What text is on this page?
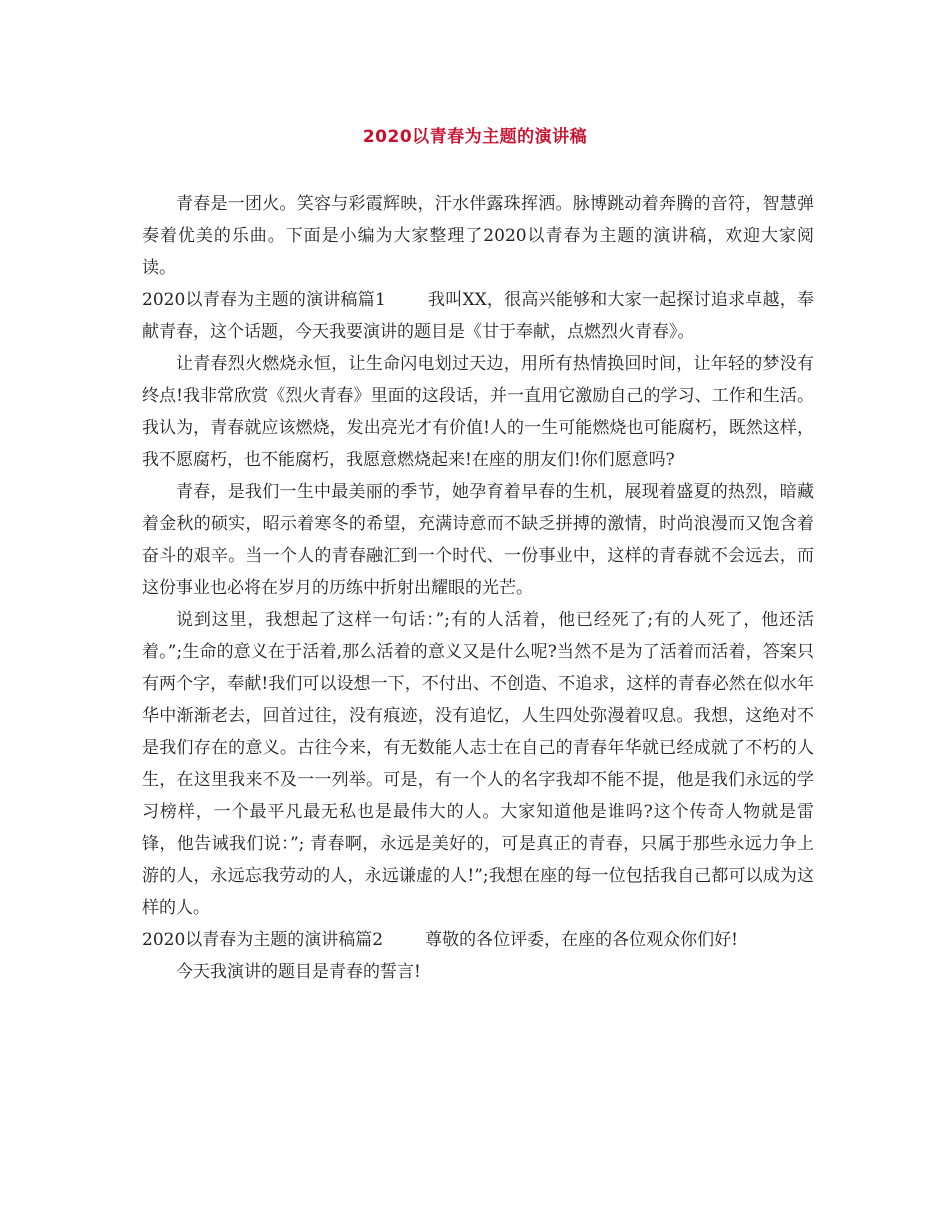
2020以青春为主题的演讲稿

青春是一团火。笑容与彩霞辉映，汗水伴露珠挥洒。脉博跳动着奔腾的音符，智慧弹奏着优美的乐曲。下面是小编为大家整理了2020以青春为主题的演讲稿，欢迎大家阅读。

2020以青春为主题的演讲稿篇1 我叫XX，很高兴能够和大家一起探讨追求卓越，奉献青春，这个话题，今天我要演讲的题目是《甘于奉献，点燃烈火青春》。

让青春烈火燃烧永恒，让生命闪电划过天边，用所有热情换回时间，让年轻的梦没有终点!我非常欣赏《烈火青春》里面的这段话，并一直用它激励自己的学习、工作和生活。我认为，青春就应该燃烧，发出亮光才有价值!人的一生可能燃烧也可能腐朽，既然这样，我不愿腐朽，也不能腐朽，我愿意燃烧起来!在座的朋友们!你们愿意吗?

青春，是我们一生中最美丽的季节，她孕育着早春的生机，展现着盛夏的热烈，暗藏着金秋的硕实，昭示着寒冬的希望，充满诗意而不缺乏拼搏的激情，时尚浪漫而又饱含着奋斗的艰辛。当一个人的青春融汇到一个时代、一份事业中，这样的青春就不会远去，而这份事业也必将在岁月的历练中折射出耀眼的光芒。

说到这里，我想起了这样一句话：”;有的人活着，他已经死了;有的人死了，他还活着。”;生命的意义在于活着,那么活着的意义又是什么呢?当然不是为了活着而活着，答案只有两个字，奉献!我们可以设想一下，不付出、不创造、不追求，这样的青春必然在似水年华中渐渐老去，回首过往，没有痕迹，没有追忆，人生四处弥漫着叹息。我想，这绝对不是我们存在的意义。古往今来，有无数能人志士在自己的青春年华就已经成就了不朽的人生，在这里我来不及一一列举。可是，有一个人的名字我却不能不提，他是我们永远的学习榜样，一个最平凡最无私也是最伟大的人。大家知道他是谁吗?这个传奇人物就是雷锋，他告诫我们说：”; 青春啊，永远是美好的，可是真正的青春，只属于那些永远力争上游的人，永远忘我劳动的人，永远谦虚的人!”;我想在座的每一位包括我自己都可以成为这样的人。

2020以青春为主题的演讲稿篇2 尊敬的各位评委，在座的各位观众你们好!

今天我演讲的题目是青春的誓言!
